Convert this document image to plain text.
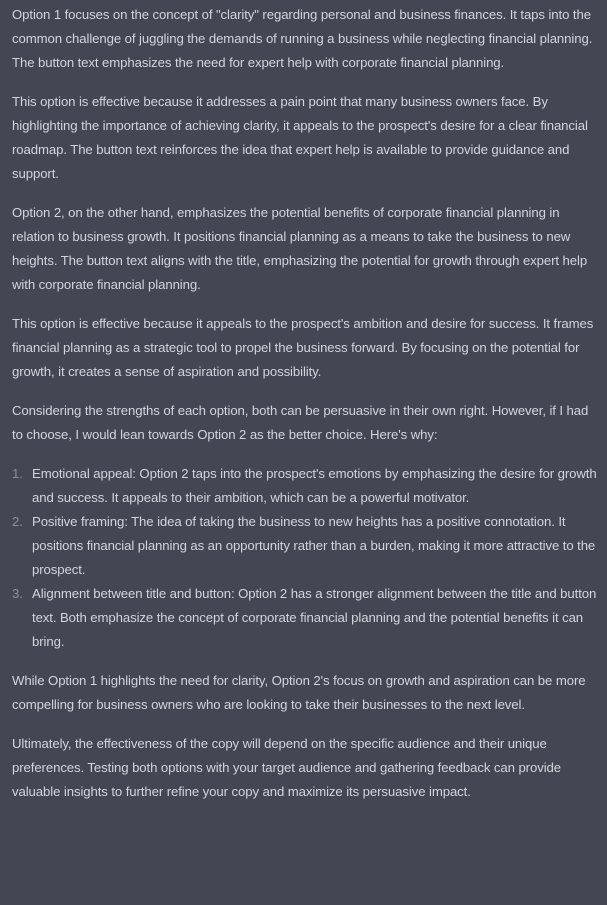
Option 1 focuses on the concept of "clarity" regarding personal and business finances. It taps into the common challenge of juggling the demands of running a business while neglecting financial planning. The button text emphasizes the need for expert help with corporate financial planning.

This option is effective because it addresses a pain point that many business owners face. By highlighting the importance of achieving clarity, it appeals to the prospect's desire for a clear financial roadmap. The button text reinforces the idea that expert help is available to provide guidance and support.

Option 2, on the other hand, emphasizes the potential benefits of corporate financial planning in relation to business growth. It positions financial planning as a means to take the business to new heights. The button text aligns with the title, emphasizing the potential for growth through expert help with corporate financial planning.

This option is effective because it appeals to the prospect's ambition and desire for success. It frames financial planning as a strategic tool to propel the business forward. By focusing on the potential for growth, it creates a sense of aspiration and possibility.

Considering the strengths of each option, both can be persuasive in their own right. However, if I had to choose, I would lean towards Option 2 as the better choice. Here's why:

1. Emotional appeal: Option 2 taps into the prospect's emotions by emphasizing the desire for growth and success. It appeals to their ambition, which can be a powerful motivator.
2. Positive framing: The idea of taking the business to new heights has a positive connotation. It positions financial planning as an opportunity rather than a burden, making it more attractive to the prospect.
3. Alignment between title and button: Option 2 has a stronger alignment between the title and button text. Both emphasize the concept of corporate financial planning and the potential benefits it can bring.

While Option 1 highlights the need for clarity, Option 2's focus on growth and aspiration can be more compelling for business owners who are looking to take their businesses to the next level.

Ultimately, the effectiveness of the copy will depend on the specific audience and their unique preferences. Testing both options with your target audience and gathering feedback can provide valuable insights to further refine your copy and maximize its persuasive impact.
